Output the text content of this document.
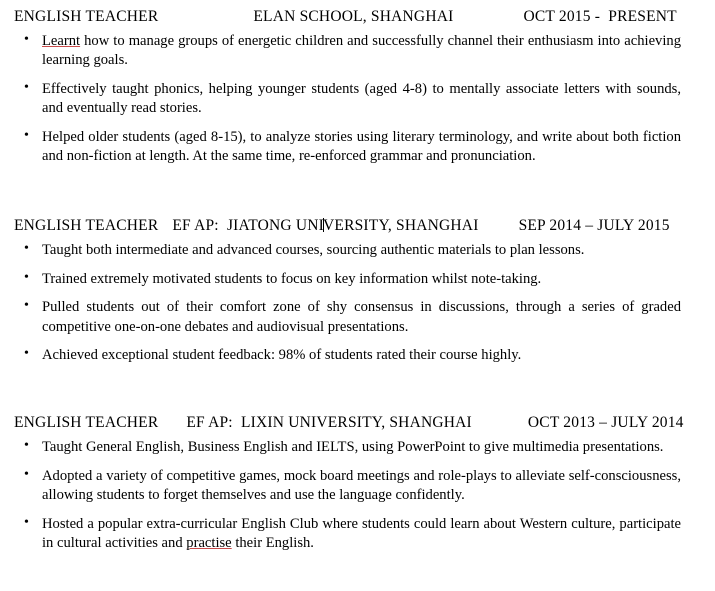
ENGLISH TEACHER	ELAN SCHOOL, SHANGHAI	OCT 2015 -  PRESENT
• Learnt how to manage groups of energetic children and successfully channel their enthusiasm into achieving learning goals.
• Effectively taught phonics, helping younger students (aged 4-8) to mentally associate letters with sounds, and eventually read stories.
• Helped older students (aged 8-15), to analyze stories using literary terminology, and write about both fiction and non-fiction at length. At the same time, re-enforced grammar and pronunciation.
ENGLISH TEACHER EF AP:  JIATONG UNIVERSITY, SHANGHAI	SEP 2014 – JULY 2015
• Taught both intermediate and advanced courses, sourcing authentic materials to plan lessons.
• Trained extremely motivated students to focus on key information whilst note-taking.
• Pulled students out of their comfort zone of shy consensus in discussions, through a series of graded competitive one-on-one debates and audiovisual presentations.
• Achieved exceptional student feedback: 98% of students rated their course highly.
ENGLISH TEACHER EF AP:  LIXIN UNIVERSITY, SHANGHAI	OCT 2013 – JULY 2014
• Taught General English, Business English and IELTS, using PowerPoint to give multimedia presentations.
• Adopted a variety of competitive games, mock board meetings and role-plays to alleviate self-consciousness, allowing students to forget themselves and use the language confidently.
• Hosted a popular extra-curricular English Club where students could learn about Western culture, participate in cultural activities and practise their English.
